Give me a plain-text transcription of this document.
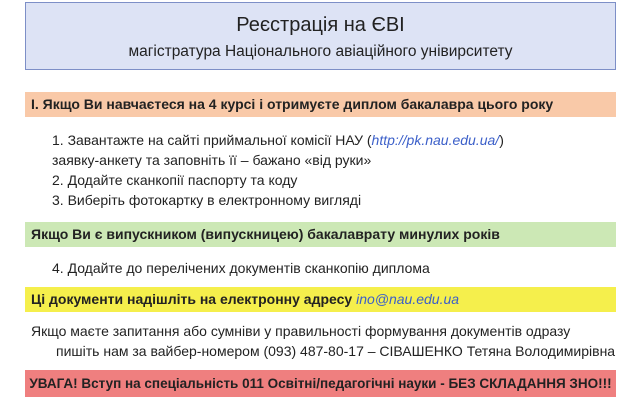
Реєстрація на ЄВІ
магістратура Національного авіаційного унівирситету
І. Якщо Ви навчаєтеся на 4 курсі і отримуєте диплом бакалавра цього року
1. Завантажте на сайті приймальної комісії НАУ (http://pk.nau.edu.ua/)
заявку-анкету та заповніть її – бажано «від руки»
2. Додайте сканкопії паспорту та коду
3. Виберіть фотокартку в електронному вигляді
Якщо Ви є випускником (випускницею) бакалаврату минулих років
4. Додайте до перелічених документів сканкопію диплома
Ці документи надішліть на електронну адресу ino@nau.edu.ua
Якщо маєте запитання або сумніви у правильності формування документів одразу
пишіть нам за вайбер-номером (093) 487-80-17 – СІВАШЕНКО Тетяна Володимирівна
УВАГА! Вступ на спеціальність 011 Освітні/педагогічні науки - БЕЗ СКЛАДАННЯ ЗНО!!!
